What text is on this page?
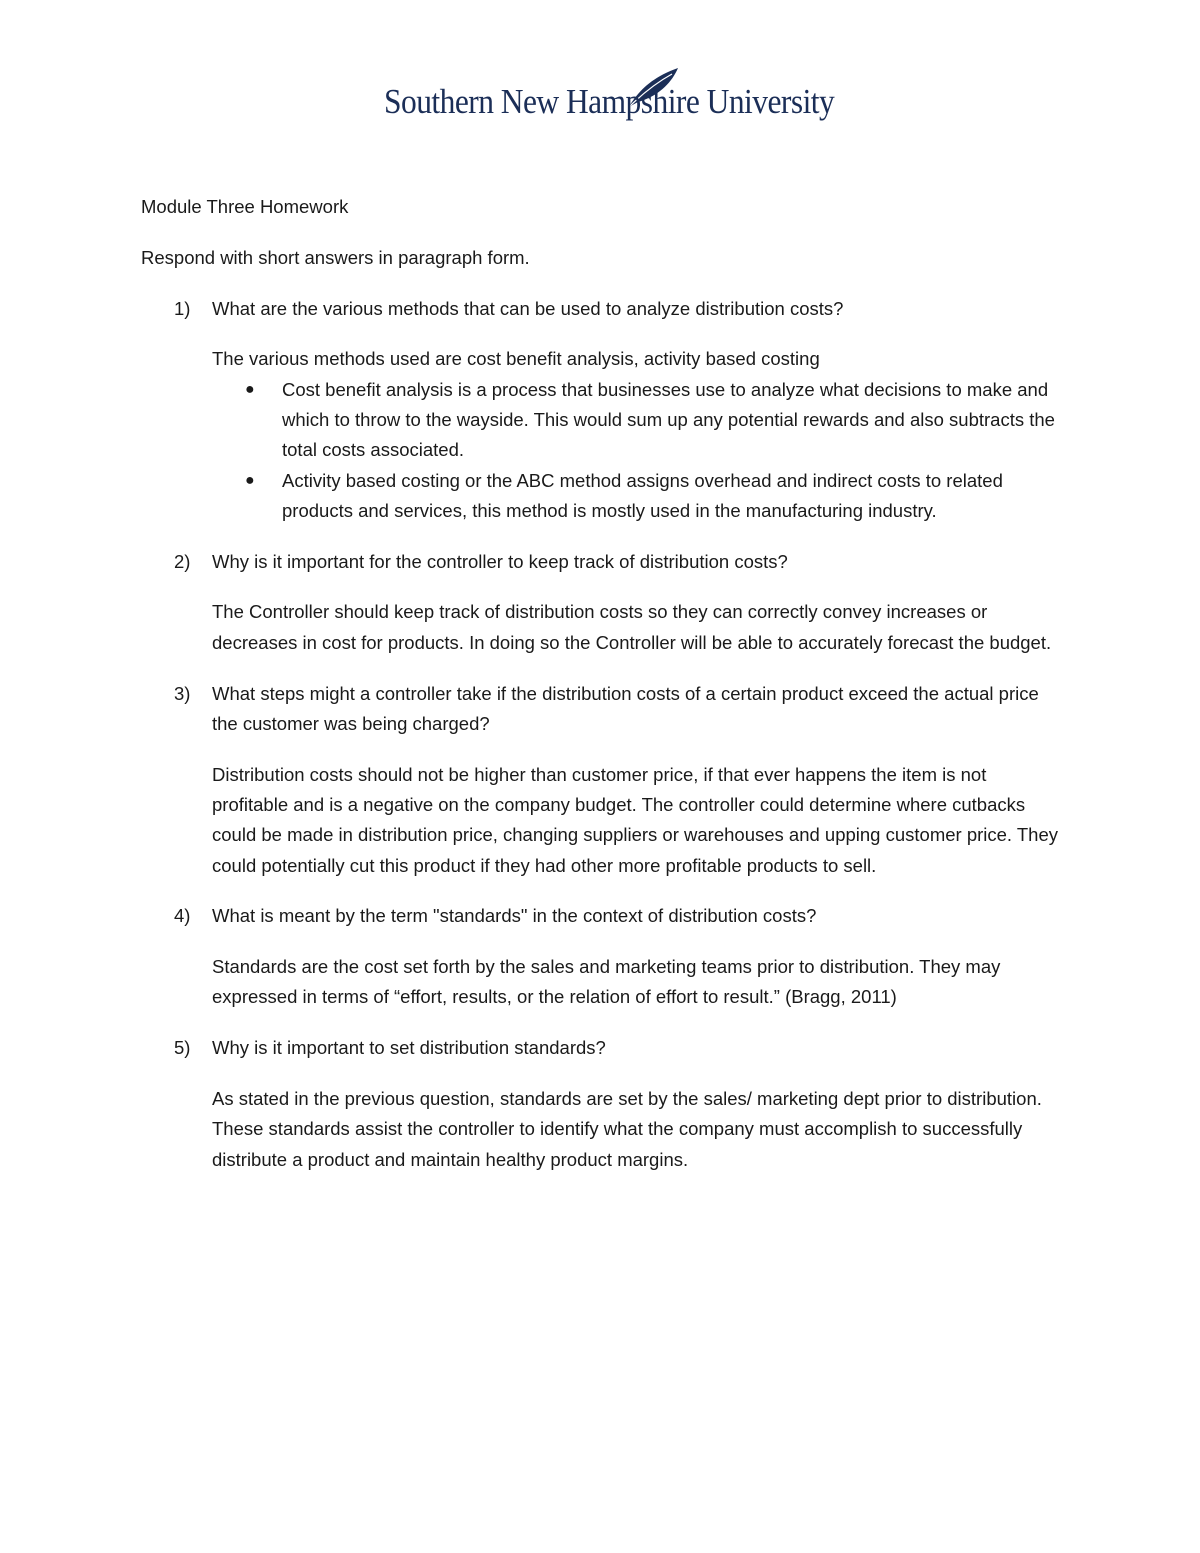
Southern New Hampshire University

Module Three Homework

Respond with short answers in paragraph form.

1) What are the various methods that can be used to analyze distribution costs?

The various methods used are cost benefit analysis, activity based costing

● Cost benefit analysis is a process that businesses use to analyze what decisions to make and which to throw to the wayside. This would sum up any potential rewards and also subtracts the total costs associated.
● Activity based costing or the ABC method assigns overhead and indirect costs to related products and services, this method is mostly used in the manufacturing industry.

2) Why is it important for the controller to keep track of distribution costs?

The Controller should keep track of distribution costs so they can correctly convey increases or decreases in cost for products. In doing so the Controller will be able to accurately forecast the budget.

3) What steps might a controller take if the distribution costs of a certain product exceed the actual price the customer was being charged?

Distribution costs should not be higher than customer price, if that ever happens the item is not profitable and is a negative on the company budget. The controller could determine where cutbacks could be made in distribution price, changing suppliers or warehouses and upping customer price. They could potentially cut this product if they had other more profitable products to sell.

4) What is meant by the term "standards" in the context of distribution costs?

Standards are the cost set forth by the sales and marketing teams prior to distribution. They may expressed in terms of “effort, results, or the relation of effort to result.” (Bragg, 2011)

5) Why is it important to set distribution standards?

As stated in the previous question, standards are set by the sales/ marketing dept prior to distribution. These standards assist the controller to identify what the company must accomplish to successfully distribute a product and maintain healthy product margins.
